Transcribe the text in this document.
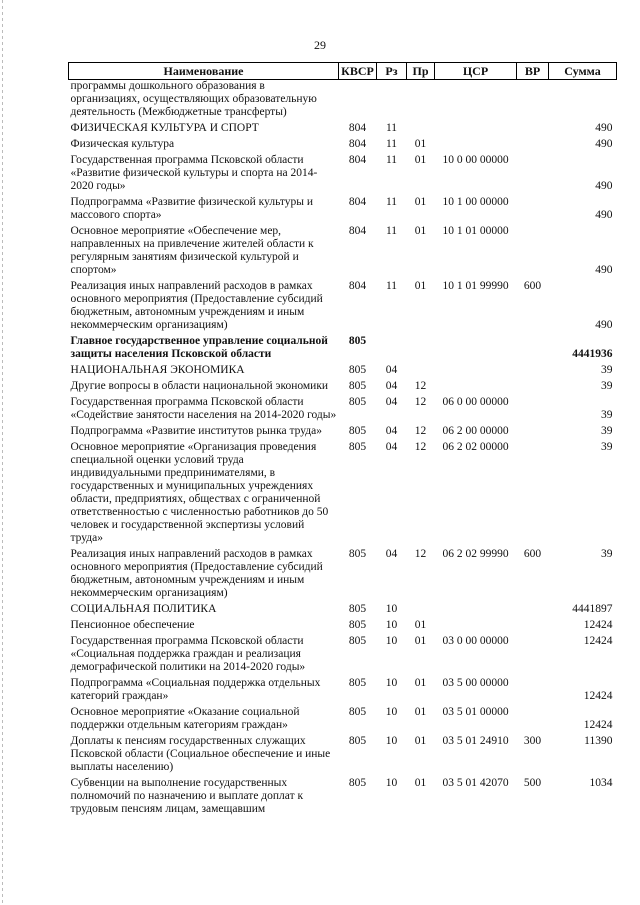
29
Наименование	КВСР	Рз	Пр	ЦСР	ВР	Сумма
программы дошкольного образования в организациях, осуществляющих образовательную деятельность (Межбюджетные трансферты)						
ФИЗИЧЕСКАЯ КУЛЬТУРА И СПОРТ	804	11				490
Физическая культура	804	11	01			490
Государственная программа Псковской области «Развитие физической культуры и спорта на 2014-2020 годы»	804	11	01	10 0 00 00000		490
Подпрограмма «Развитие физической культуры и массового спорта»	804	11	01	10 1 00 00000		490
Основное мероприятие «Обеспечение мер, направленных на привлечение жителей области к регулярным занятиям физической культурой и спортом»	804	11	01	10 1 01 00000		490
Реализация иных направлений расходов в рамках основного мероприятия (Предоставление субсидий бюджетным, автономным учреждениям и иным некоммерческим организациям)	804	11	01	10 1 01 99990	600	490
Главное государственное управление социальной защиты населения Псковской области	805					4441936
НАЦИОНАЛЬНАЯ ЭКОНОМИКА	805	04				39
Другие вопросы в области национальной экономики	805	04	12			39
Государственная программа Псковской области «Содействие занятости населения на 2014-2020 годы»	805	04	12	06 0 00 00000		39
Подпрограмма «Развитие институтов рынка труда»	805	04	12	06 2 00 00000		39
Основное мероприятие «Организация проведения специальной оценки условий труда индивидуальными предпринимателями, в государственных и муниципальных учреждениях области, предприятиях, обществах с ограниченной ответственностью с численностью работников до 50 человек и государственной экспертизы условий труда»	805	04	12	06 2 02 00000		39
Реализация иных направлений расходов в рамках основного мероприятия (Предоставление субсидий бюджетным, автономным учреждениям и иным некоммерческим организациям)	805	04	12	06 2 02 99990	600	39
СОЦИАЛЬНАЯ ПОЛИТИКА	805	10				4441897
Пенсионное обеспечение	805	10	01			12424
Государственная программа Псковской области «Социальная поддержка граждан и реализация демографической политики на 2014-2020 годы»	805	10	01	03 0 00 00000		12424
Подпрограмма «Социальная поддержка отдельных категорий граждан»	805	10	01	03 5 00 00000		12424
Основное мероприятие «Оказание социальной поддержки отдельным категориям граждан»	805	10	01	03 5 01 00000		12424
Доплаты к пенсиям государственных служащих Псковской области (Социальное обеспечение и иные выплаты населению)	805	10	01	03 5 01 24910	300	11390
Субвенции на выполнение государственных полномочий по назначению и выплате доплат к трудовым пенсиям лицам, замещавшим	805	10	01	03 5 01 42070	500	1034
